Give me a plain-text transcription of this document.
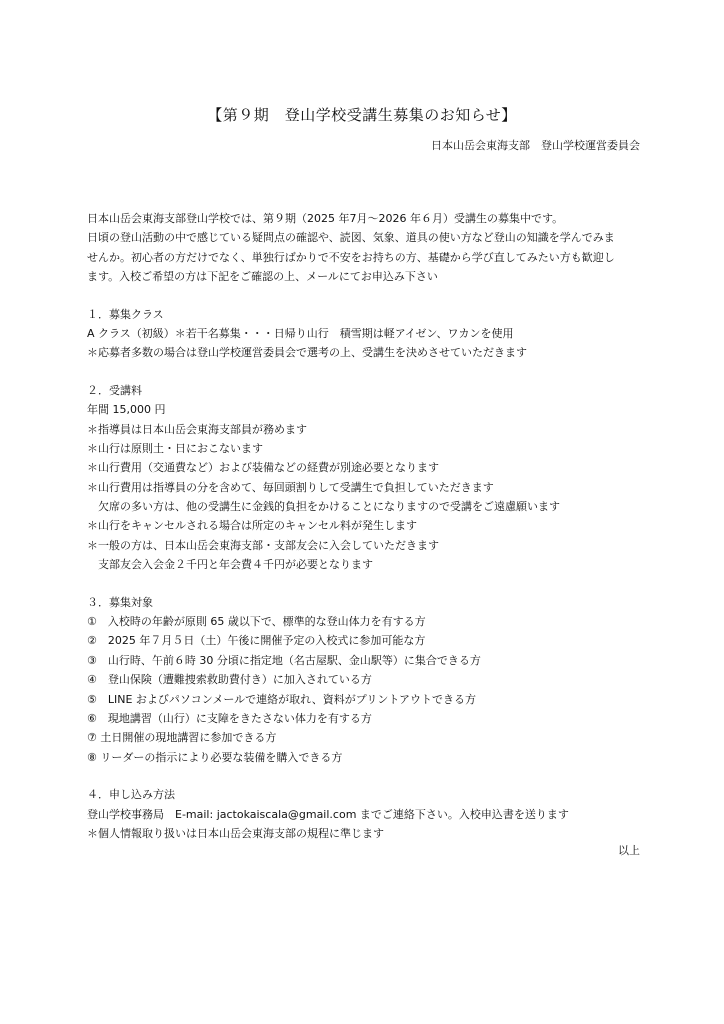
【第９期　登山学校受講生募集のお知らせ】
日本山岳会東海支部　登山学校運営委員会
日本山岳会東海支部登山学校では、第９期（2025 年7月～2026 年６月）受講生の募集中です。
日頃の登山活動の中で感じている疑問点の確認や、読図、気象、道具の使い方など登山の知識を学んでみま
せんか。初心者の方だけでなく、単独行ばかりで不安をお持ちの方、基礎から学び直してみたい方も歓迎し
ます。入校ご希望の方は下記をご確認の上、メールにてお申込み下さい
１．募集クラス
A クラス（初級）＊若干名募集・・・日帰り山行　積雪期は軽アイゼン、ワカンを使用
＊応募者多数の場合は登山学校運営委員会で選考の上、受講生を決めさせていただきます
２．受講料
年間 15,000 円
＊指導員は日本山岳会東海支部員が務めます
＊山行は原則土・日におこないます
＊山行費用（交通費など）および装備などの経費が別途必要となります
＊山行費用は指導員の分を含めて、毎回頭割りして受講生で負担していただきます
欠席の多い方は、他の受講生に金銭的負担をかけることになりますので受講をご遠慮願います
＊山行をキャンセルされる場合は所定のキャンセル料が発生します
＊一般の方は、日本山岳会東海支部・支部友会に入会していただきます
支部友会入会金２千円と年会費４千円が必要となります
３．募集対象
①　入校時の年齢が原則 65 歳以下で、標準的な登山体力を有する方
②　2025 年７月５日（土）午後に開催予定の入校式に参加可能な方
③　山行時、午前６時 30 分頃に指定地（名古屋駅、金山駅等）に集合できる方
④　登山保険（遭難捜索救助費付き）に加入されている方
⑤　LINE およびパソコンメールで連絡が取れ、資料がプリントアウトできる方
⑥　現地講習（山行）に支障をきたさない体力を有する方
⑦ 土日開催の現地講習に参加できる方
⑧ リーダーの指示により必要な装備を購入できる方
４．申し込み方法
登山学校事務局　E-mail: jactokaiscala@gmail.com までご連絡下さい。入校申込書を送ります
＊個人情報取り扱いは日本山岳会東海支部の規程に準じます
以上
